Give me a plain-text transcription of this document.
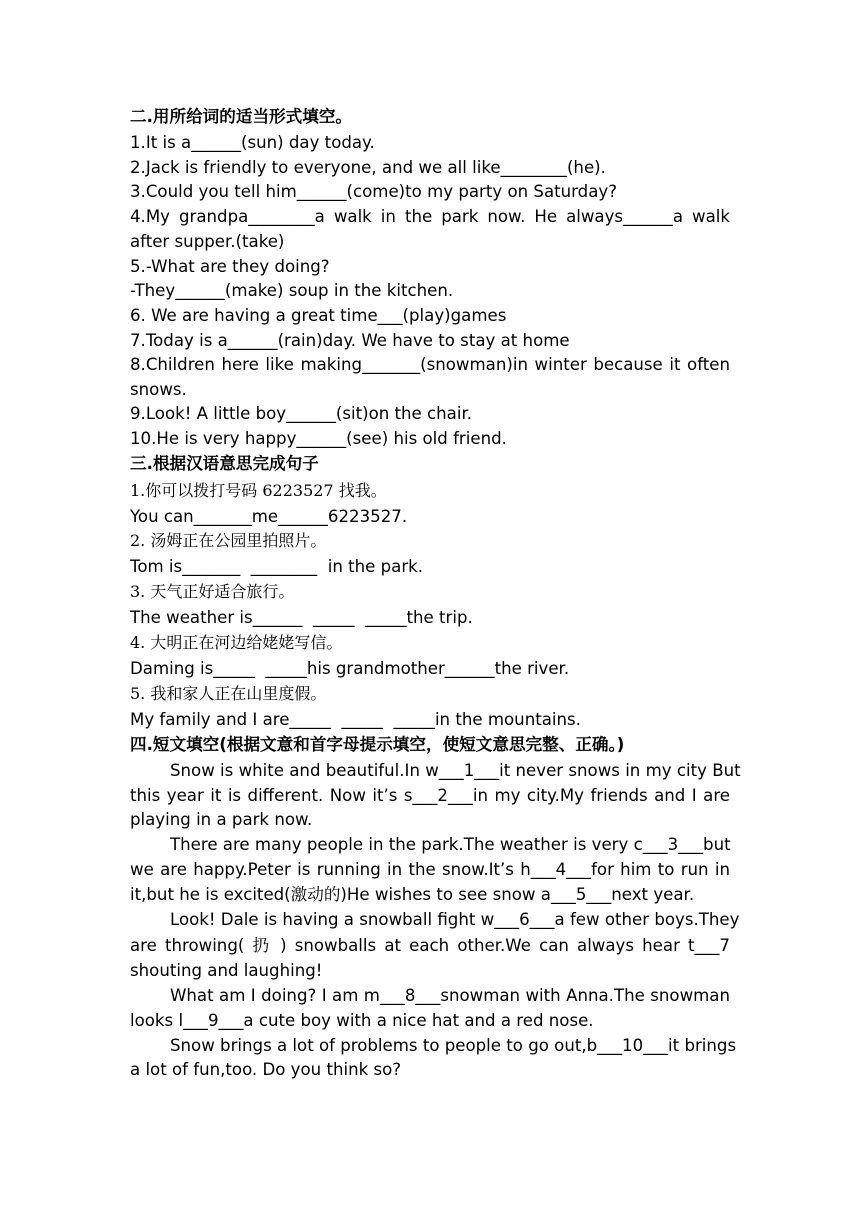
二.用所给词的适当形式填空。
1.It is a______(sun) day today.
2.Jack is friendly to everyone, and we all like________(he).
3.Could you tell him______(come)to my party on Saturday?
4.My grandpa________a walk in the park now. He always______a walk
after supper.(take)
5.-What are they doing?
-They______(make) soup in the kitchen.
6. We are having a great time___(play)games
7.Today is a______(rain)day. We have to stay at home
8.Children here like making_______(snowman)in winter because it often
snows.
9.Look! A little boy______(sit)on the chair.
10.He is very happy______(see) his old friend.
三.根据汉语意思完成句子
1.你可以拨打号码 6223527 找我。
You can_______me______6223527.
2. 汤姆正在公园里拍照片。
Tom is_______  ________  in the park.
3. 天气正好适合旅行。
The weather is______  _____  _____the trip.
4. 大明正在河边给姥姥写信。
Daming is_____  _____his grandmother______the river.
5. 我和家人正在山里度假。
My family and I are_____  _____  _____in the mountains.
四.短文填空(根据文意和首字母提示填空，使短文意思完整、正确。)
Snow is white and beautiful.In w___1___it never snows in my city But
this year it is different. Now it’s s___2___in my city.My friends and I are
playing in a park now.
There are many people in the park.The weather is very c___3___but
we are happy.Peter is running in the snow.It’s h___4___for him to run in
it,but he is excited(激动的)He wishes to see snow a___5___next year.
Look! Dale is having a snowball fight w___6___a few other boys.They
are throwing( 扔 ) snowballs at each other.We can always hear t___7
shouting and laughing!
What am I doing? I am m___8___snowman with Anna.The snowman
looks l___9___a cute boy with a nice hat and a red nose.
Snow brings a lot of problems to people to go out,b___10___it brings
a lot of fun,too. Do you think so?
